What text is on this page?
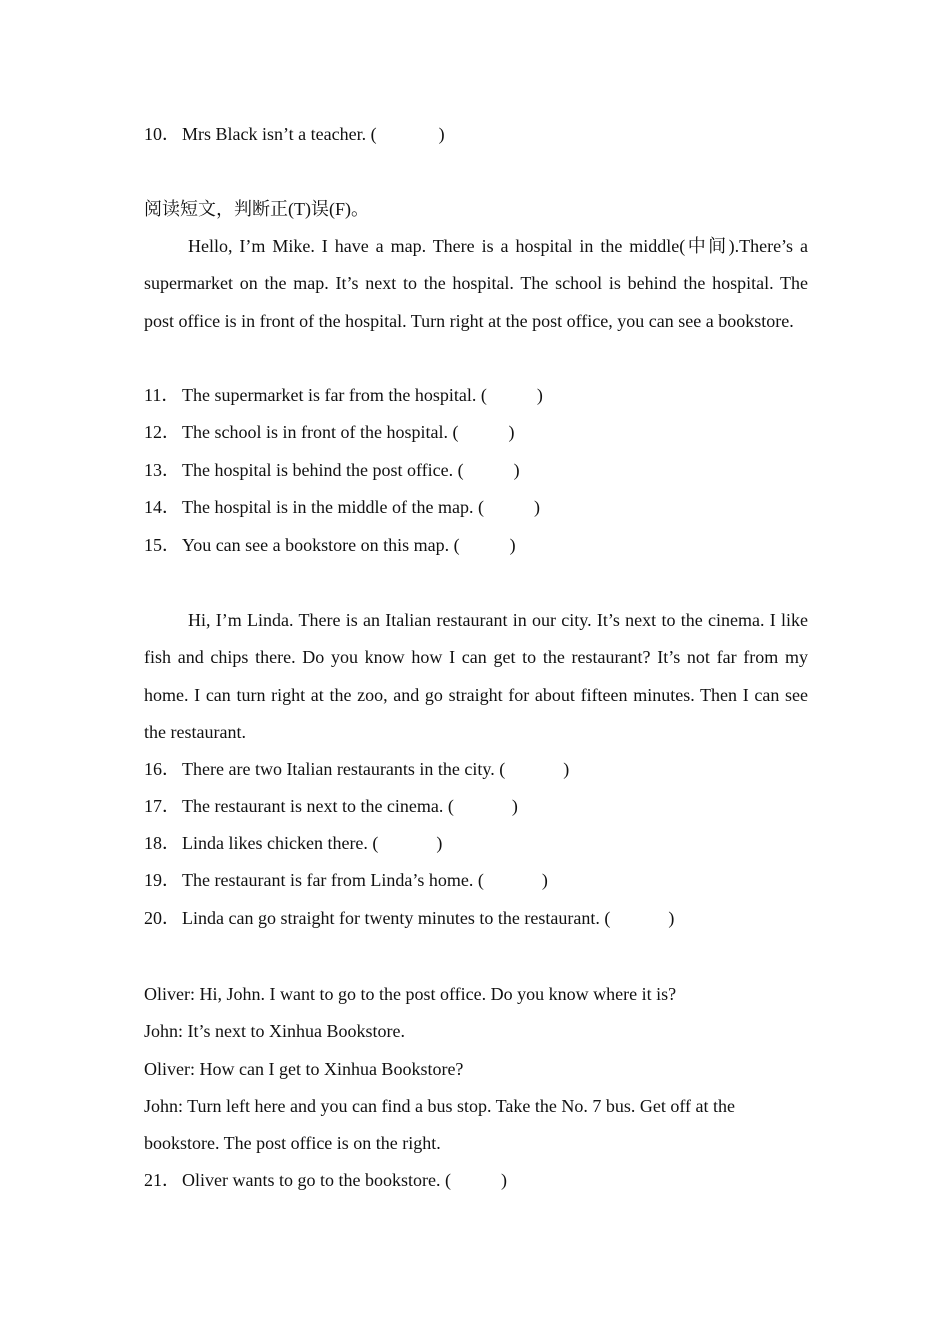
10． Mrs Black isn’t a teacher. (	)
阅读短文，判断正(T)误(F)。

Hello, I’m Mike. I have a map. There is a hospital in the middle(中间).There’s a supermarket on the map. It’s next to the hospital. The school is behind the hospital. The post office is in front of the hospital. Turn right at the post office, you can see a bookstore.

11． The supermarket is far from the hospital. (	)
12． The school is in front of the hospital. (	)
13． The hospital is behind the post office. (	)
14． The hospital is in the middle of the map. (	)
15． You can see a bookstore on this map. (	)

Hi, I’m Linda. There is an Italian restaurant in our city. It’s next to the cinema. I like fish and chips there. Do you know how I can get to the restaurant? It’s not far from my home. I can turn right at the zoo, and go straight for about fifteen minutes. Then I can see the restaurant.

16． There are two Italian restaurants in the city. (	)
17． The restaurant is next to the cinema. (	)
18． Linda likes chicken there. (	)
19． The restaurant is far from Linda’s home. (	)
20． Linda can go straight for twenty minutes to the restaurant. (	)

Oliver: Hi, John. I want to go to the post office. Do you know where it is?

John: It’s next to Xinhua Bookstore.

Oliver: How can I get to Xinhua Bookstore?

John: Turn left here and you can find a bus stop. Take the No. 7 bus. Get off at the bookstore. The post office is on the right.

21． Oliver wants to go to the bookstore. (	)
